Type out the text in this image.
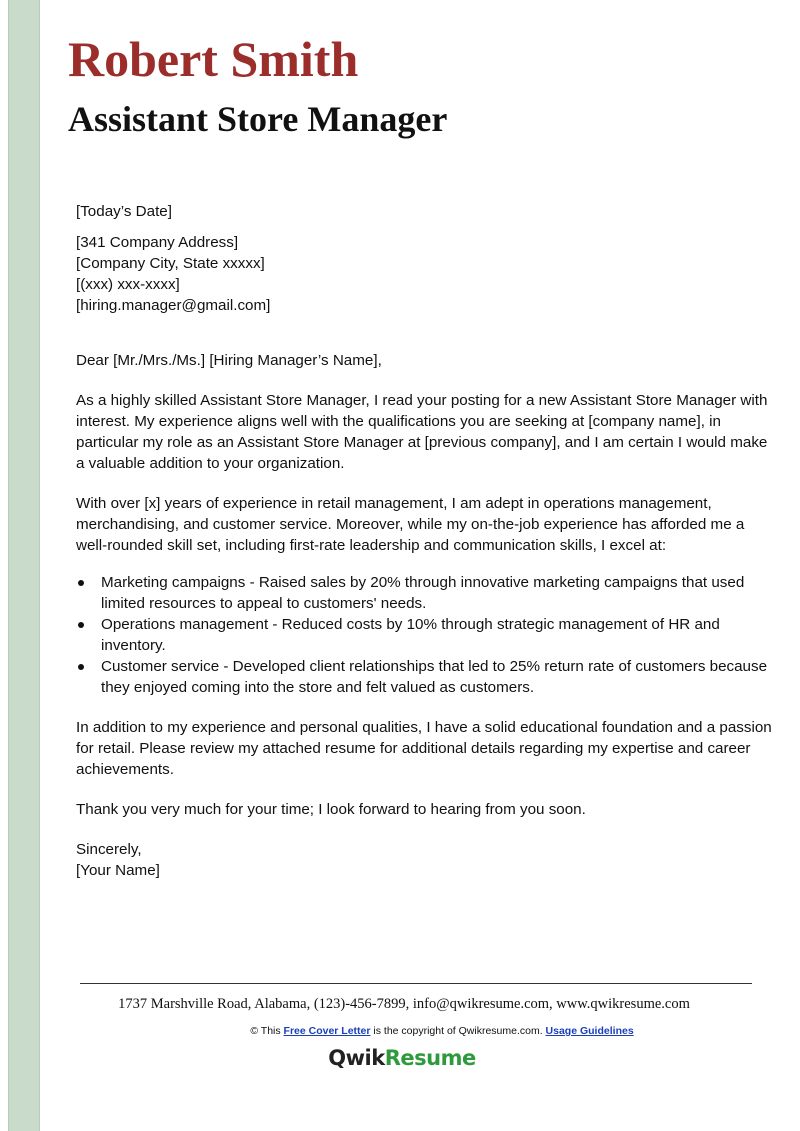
Robert Smith
Assistant Store Manager

[Today’s Date]

[341 Company Address]

[Company City, State xxxxx]

[(xxx) xxx-xxxx]

[hiring.manager@gmail.com]

Dear [Mr./Mrs./Ms.] [Hiring Manager’s Name],

As a highly skilled Assistant Store Manager, I read your posting for a new Assistant Store Manager with interest. My experience aligns well with the qualifications you are seeking at [company name], in particular my role as an Assistant Store Manager at [previous company], and I am certain I would make a valuable addition to your organization.

With over [x] years of experience in retail management, I am adept in operations management, merchandising, and customer service. Moreover, while my on-the-job experience has afforded me a well-rounded skill set, including first-rate leadership and communication skills, I excel at:

Marketing campaigns - Raised sales by 20% through innovative marketing campaigns that used limited resources to appeal to customers' needs.
Operations management - Reduced costs by 10% through strategic management of HR and inventory.
Customer service - Developed client relationships that led to 25% return rate of customers because they enjoyed coming into the store and felt valued as customers.

In addition to my experience and personal qualities, I have a solid educational foundation and a passion for retail. Please review my attached resume for additional details regarding my expertise and career achievements.

Thank you very much for your time; I look forward to hearing from you soon.

Sincerely,

[Your Name]

1737 Marshville Road, Alabama, (123)-456-7899, info@qwikresume.com, www.qwikresume.com
© This Free Cover Letter is the copyright of Qwikresume.com. Usage Guidelines
QwikResume
